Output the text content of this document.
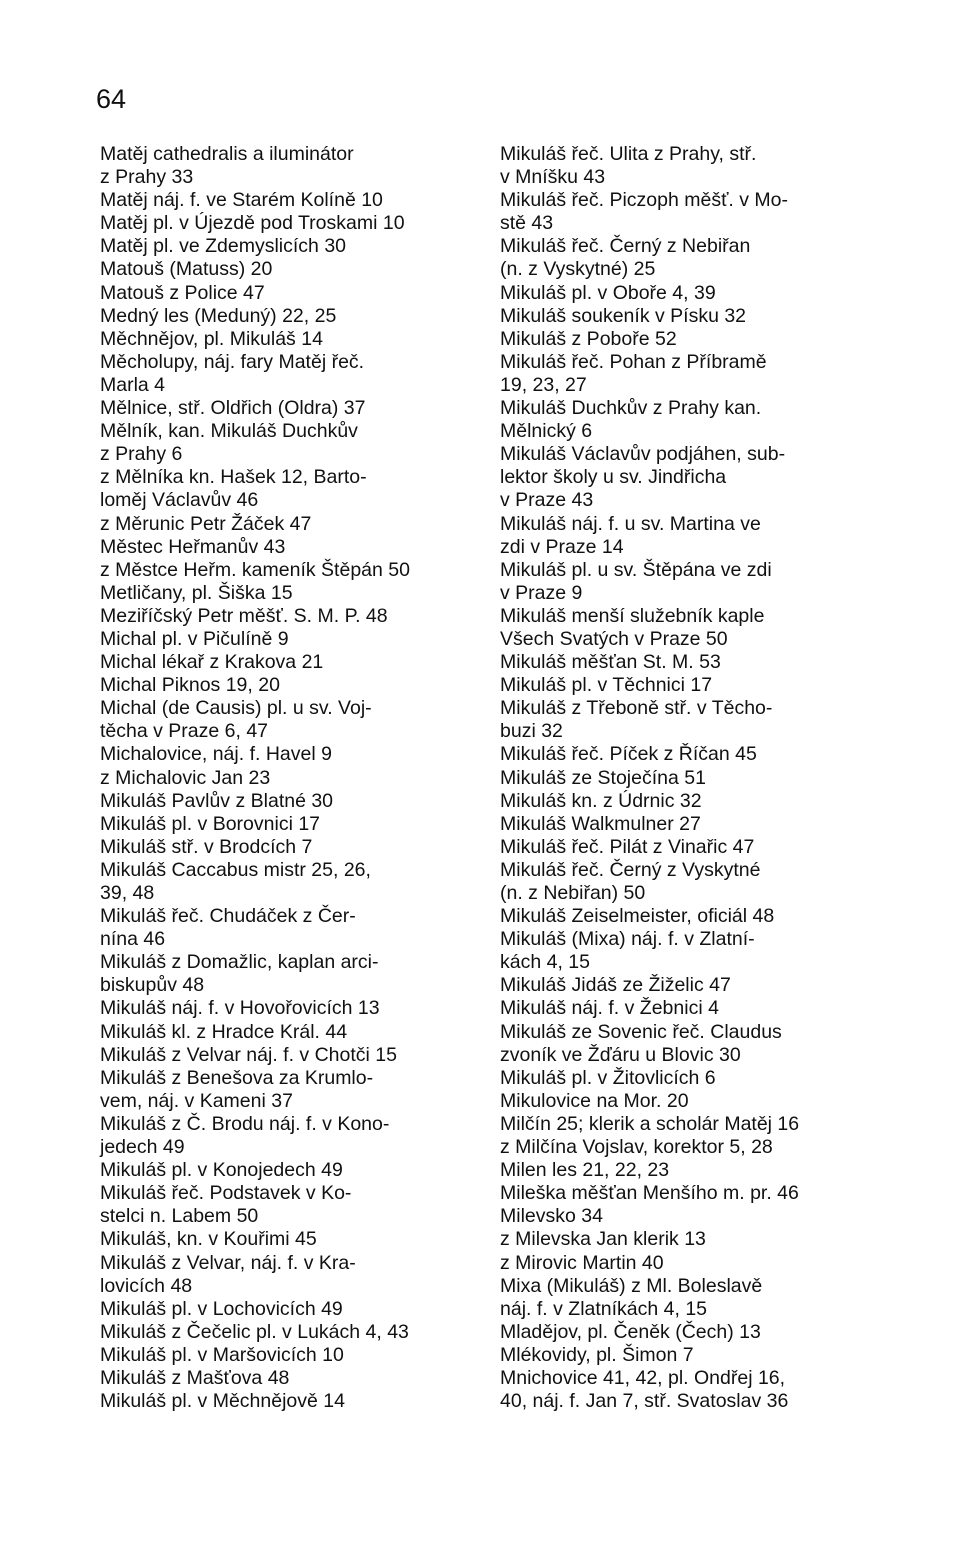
64

Matěj cathedralis a iluminátor
z Prahy 33

Matěj náj. f. ve Starém Kolíně 10

Matěj pl. v Újezdě pod Troskami 10

Matěj pl. ve Zdemyslicích 30

Matouš (Matuss) 20

Matouš z Police 47

Medný les (Meduný) 22, 25

Měchnějov, pl. Mikuláš 14

Měcholupy, náj. fary Matěj řeč.
Marla 4

Mělnice, stř. Oldřich (Oldra) 37

Mělník, kan. Mikuláš Duchkův
z Prahy 6

z Mělníka kn. Hašek 12, Barto-
loměj Václavův 46

z Měrunic Petr Žáček 47

Městec Heřmanův 43

z Městce Heřm. kameník Štěpán 50

Metličany, pl. Šiška 15

Meziříčský Petr měšť. S. M. P. 48

Michal pl. v Pičulíně 9

Michal lékař z Krakova 21

Michal Piknos 19, 20

Michal (de Causis) pl. u sv. Voj-
těcha v Praze 6, 47

Michalovice, náj. f. Havel 9

z Michalovic Jan 23

Mikuláš Pavlův z Blatné 30

Mikuláš pl. v Borovnici 17

Mikuláš stř. v Brodcích 7

Mikuláš Caccabus mistr 25, 26,
39, 48

Mikuláš řeč. Chudáček z Čer-
nína 46

Mikuláš z Domažlic, kaplan arci-
biskupův 48

Mikuláš náj. f. v Hovořovicích 13

Mikuláš kl. z Hradce Král. 44

Mikuláš z Velvar náj. f. v Chotči 15

Mikuláš z Benešova za Krumlo-
vem, náj. v Kameni 37

Mikuláš z Č. Brodu náj. f. v Kono-
jedech 49

Mikuláš pl. v Konojedech 49

Mikuláš řeč. Podstavek v Ko-
stelci n. Labem 50

Mikuláš, kn. v Kouřimi 45

Mikuláš z Velvar, náj. f. v Kra-
lovicích 48

Mikuláš pl. v Lochovicích 49

Mikuláš z Čečelic pl. v Lukách 4, 43

Mikuláš pl. v Maršovicích 10

Mikuláš z Mašťova 48

Mikuláš pl. v Měchnějově 14

Mikuláš řeč. Ulita z Prahy, stř.
v Mníšku 43

Mikuláš řeč. Piczoph měšť. v Mo-
stě 43

Mikuláš řeč. Černý z Nebiřan
(n. z Vyskytné) 25

Mikuláš pl. v Oboře 4, 39

Mikuláš soukeník v Písku 32

Mikuláš z Poboře 52

Mikuláš řeč. Pohan z Příbramě
19, 23, 27

Mikuláš Duchkův z Prahy kan.
Mělnický 6

Mikuláš Václavův podjáhen, sub-
lektor školy u sv. Jindřicha
v Praze 43

Mikuláš náj. f. u sv. Martina ve
zdi v Praze 14

Mikuláš pl. u sv. Štěpána ve zdi
v Praze 9

Mikuláš menší služebník kaple
Všech Svatých v Praze 50

Mikuláš měšťan St. M. 53

Mikuláš pl. v Těchnici 17

Mikuláš z Třeboně stř. v Těcho-
buzi 32

Mikuláš řeč. Píček z Říčan 45

Mikuláš ze Stoječína 51

Mikuláš kn. z Údrnic 32

Mikuláš Walkmulner 27

Mikuláš řeč. Pilát z Vinařic 47

Mikuláš řeč. Černý z Vyskytné
(n. z Nebiřan) 50

Mikuláš Zeiselmeister, oficiál 48

Mikuláš (Mixa) náj. f. v Zlatní-
kách 4, 15

Mikuláš Jidáš ze Žiželic 47

Mikuláš náj. f. v Žebnici 4

Mikuláš ze Sovenic řeč. Claudus
zvoník ve Žďáru u Blovic 30

Mikuláš pl. v Žitovlicích 6

Mikulovice na Mor. 20

Milčín 25; klerik a scholár Matěj 16

z Milčína Vojslav, korektor 5, 28

Milen les 21, 22, 23

Mileška měšťan Menšího m. pr. 46

Milevsko 34

z Milevska Jan klerik 13

z Mirovic Martin 40

Mixa (Mikuláš) z Ml. Boleslavě
náj. f. v Zlatníkách 4, 15

Mladějov, pl. Čeněk (Čech) 13

Mlékovidy, pl. Šimon 7

Mnichovice 41, 42, pl. Ondřej 16,
40, náj. f. Jan 7, stř. Svatoslav 36
